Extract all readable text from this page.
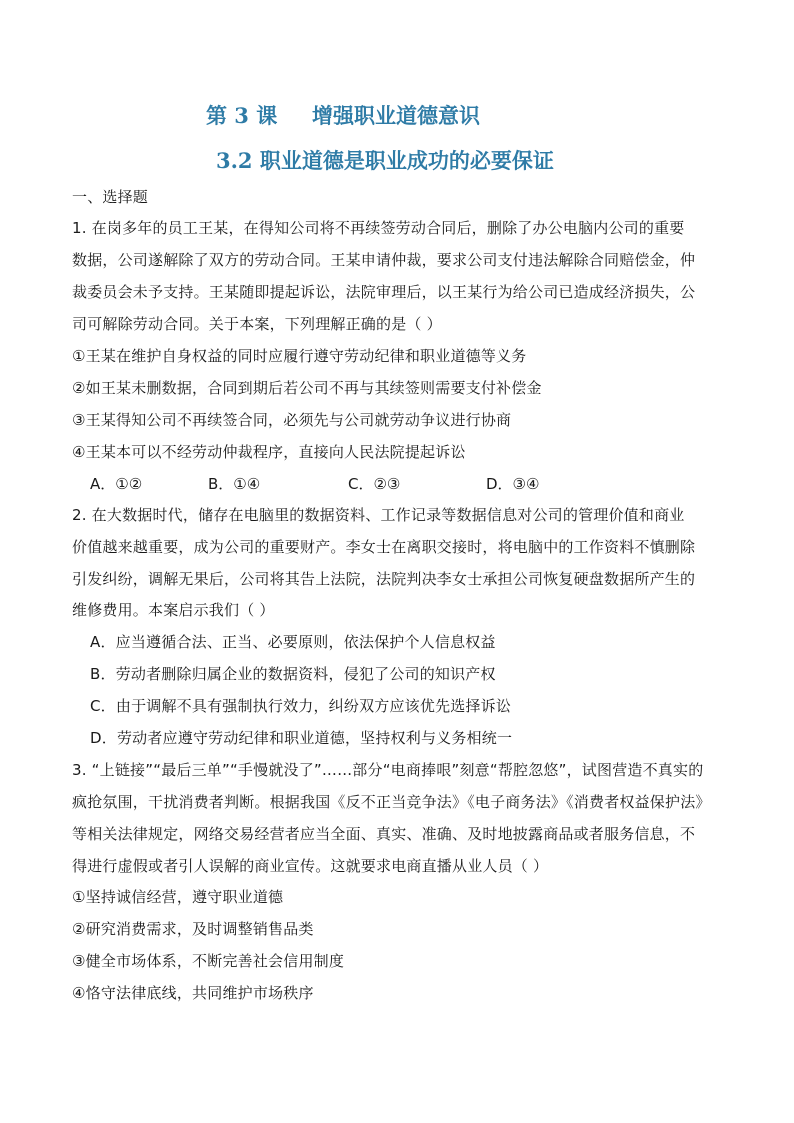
第 3 课 增强职业道德意识
3.2 职业道德是职业成功的必要保证
一、选择题
1. 在岗多年的员工王某，在得知公司将不再续签劳动合同后，删除了办公电脑内公司的重要
数据，公司遂解除了双方的劳动合同。王某申请仲裁，要求公司支付违法解除合同赔偿金，仲
裁委员会未予支持。王某随即提起诉讼，法院审理后，以王某行为给公司已造成经济损失，公
司可解除劳动合同。关于本案，下列理解正确的是（ ）
①王某在维护自身权益的同时应履行遵守劳动纪律和职业道德等义务
②如王某未删数据，合同到期后若公司不再与其续签则需要支付补偿金
③王某得知公司不再续签合同，必须先与公司就劳动争议进行协商
④王某本可以不经劳动仲裁程序，直接向人民法院提起诉讼
A．①②	B．①④	C．②③	D．③④
2. 在大数据时代，储存在电脑里的数据资料、工作记录等数据信息对公司的管理价值和商业
价值越来越重要，成为公司的重要财产。李女士在离职交接时，将电脑中的工作资料不慎删除
引发纠纷，调解无果后，公司将其告上法院，法院判决李女士承担公司恢复硬盘数据所产生的
维修费用。本案启示我们（ ）
A．应当遵循合法、正当、必要原则，依法保护个人信息权益
B．劳动者删除归属企业的数据资料，侵犯了公司的知识产权
C．由于调解不具有强制执行效力，纠纷双方应该优先选择诉讼
D．劳动者应遵守劳动纪律和职业道德，坚持权利与义务相统一
3. “上链接”“最后三单”“手慢就没了”……部分“电商捧哏”刻意“帮腔忽悠”，试图营造不真实的
疯抢氛围，干扰消费者判断。根据我国《反不正当竞争法》《电子商务法》《消费者权益保护法》
等相关法律规定，网络交易经营者应当全面、真实、准确、及时地披露商品或者服务信息，不
得进行虚假或者引人误解的商业宣传。这就要求电商直播从业人员（ ）
①坚持诚信经营，遵守职业道德
②研究消费需求，及时调整销售品类
③健全市场体系，不断完善社会信用制度
④恪守法律底线，共同维护市场秩序
